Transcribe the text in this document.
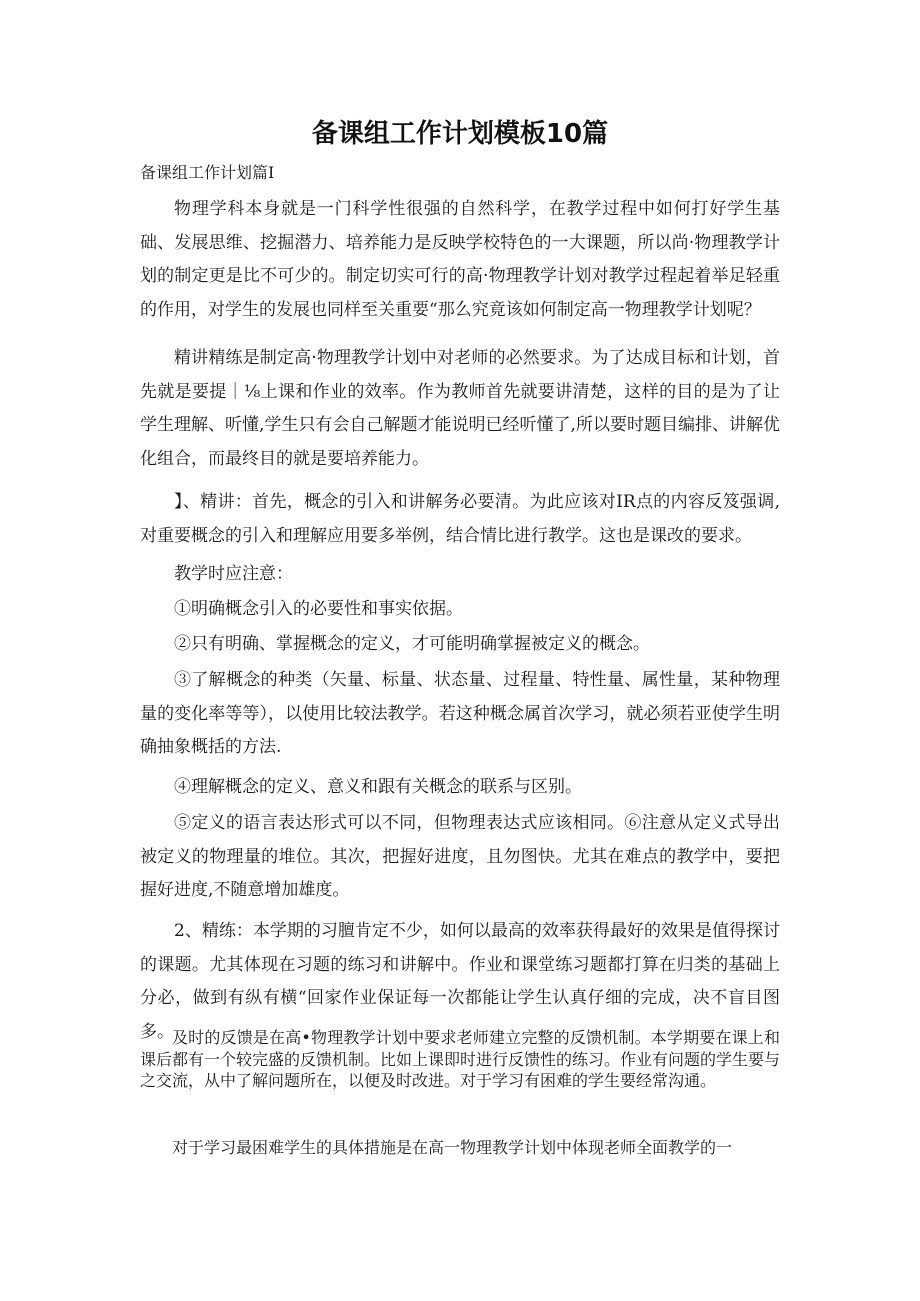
备课组工作计划模板10篇
备课组工作计划篇Ⅰ

物理学科本身就是一门科学性很强的自然科学，在教学过程中如何打好学生基础、发展思维、挖掘潜力、培养能力是反映学校特色的一大课题，所以尚·物理教学计划的制定更是比不可少的。制定切实可行的高·物理教学计划对教学过程起着举足轻重的作用，对学生的发展也同样至关重要“那么究竟该如何制定高一物理教学计划呢？

精讲精练是制定高·物理教学计划中对老师的必然要求。为了达成目标和计划，首先就是要提｜⅛上课和作业的效率。作为教师首先就要讲清楚，这样的目的是为了让学生理解、听懂,学生只有会自己解题才能说明已经听懂了,所以要时题目编排、讲解优化组合，而最终目的就是要培养能力。

】、精讲：首先，概念的引入和讲解务必要清。为此应该对IR点的内容反笈强调,对重要概念的引入和理解应用要多举例，结合情比进行教学。这也是课改的要求。

教学时应注意：

①明确概念引入的必要性和事实依据。

②只有明确、掌握概念的定义，才可能明确掌握被定义的概念。

③了解概念的种类（矢量、标量、状态量、过程量、特性量、属性量，某种物理量的变化率等等），以使用比较法教学。若这种概念属首次学习，就必须若亚使学生明确抽象概括的方法.

④理解概念的定义、意义和跟有关概念的联系与区别。

⑤定义的语言表达形式可以不同，但物理表达式应该相同。⑥注意从定义式导出被定义的物理量的堆位。其次，把握好进度，且勿图快。尤其在难点的教学中，要把握好进度,不随意增加雄度。

2、精练：本学期的习膻肯定不少，如何以最高的效率获得最好的效果是值得探讨的课题。尤其体现在习题的练习和讲解中。作业和课堂练习题都打算在归类的基础上分必，做到有纵有横“回家作业保证每一次都能让学生认真仔细的完成，决不盲目图多。

及时的反馈是在高•物理教学计划中要求老师建立完整的反馈机制。本学期要在课上和课后都有一个较完盛的反馈机制。比如上课即时进行反馈性的练习。作业有问题的学生要与之交流，从中了解问题所在，以便及时改进。对于学习有困难的学生要经常沟通。

对于学习最困难学生的具体措施是在高一物理教学计划中体现老师全面教学的一
